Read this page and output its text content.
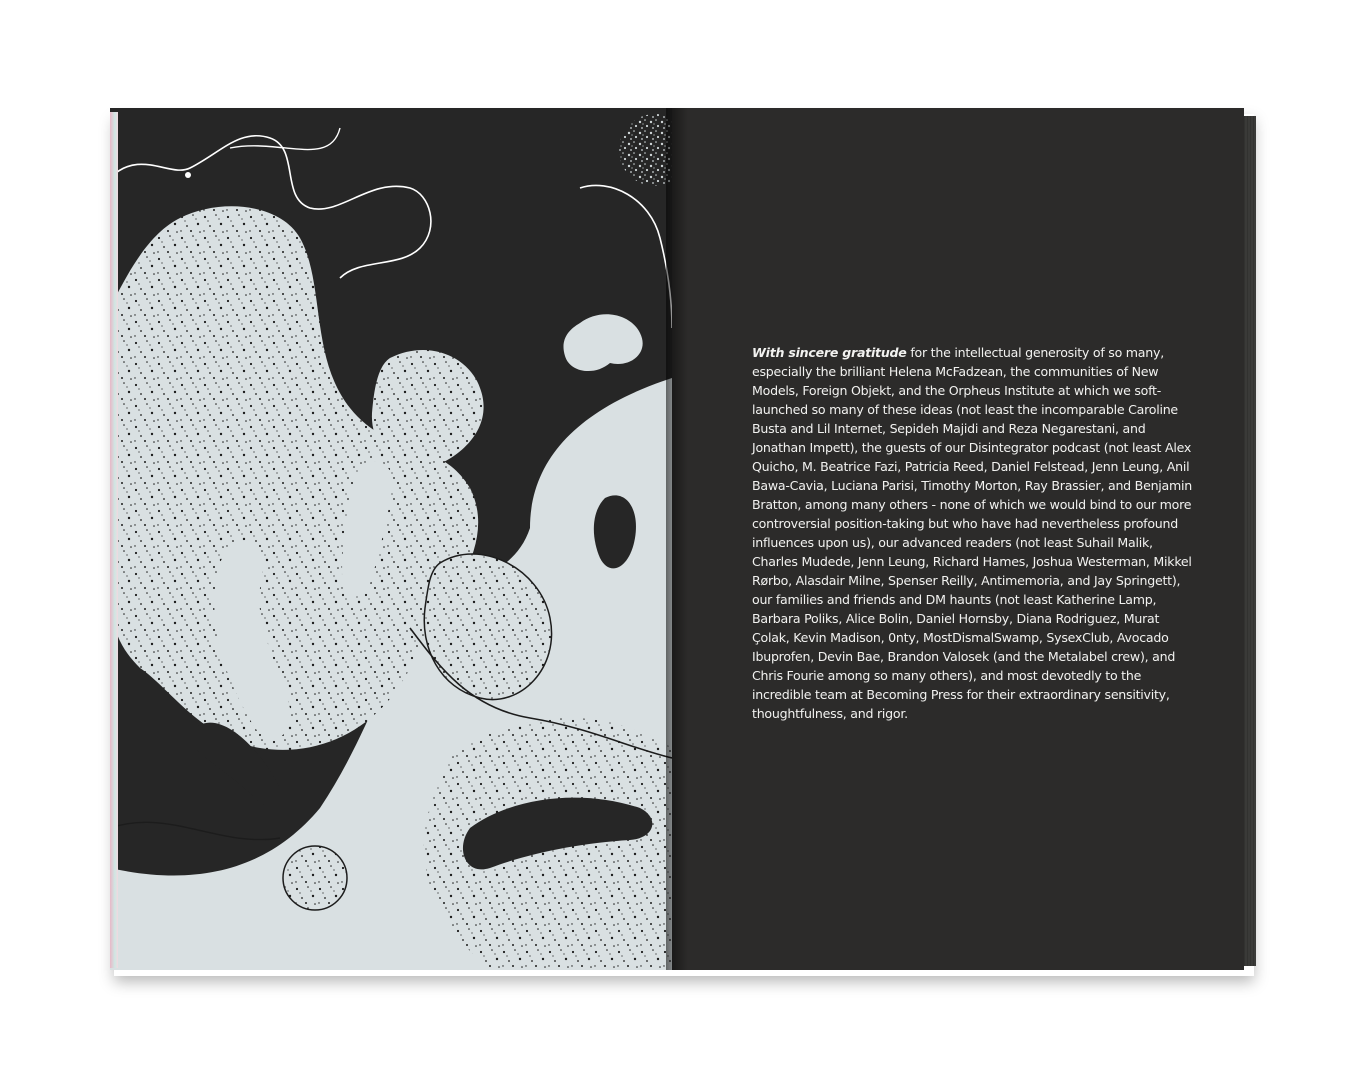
With sincere gratitude for the intellectual generosity of so many, especially the brilliant Helena McFadzean, the communities of New Models, Foreign Objekt, and the Orpheus Institute at which we soft-launched so many of these ideas (not least the incomparable Caroline Busta and Lil Internet, Sepideh Majidi and Reza Negarestani, and Jonathan Impett), the guests of our Disintegrator podcast (not least Alex Quicho, M. Beatrice Fazi, Patricia Reed, Daniel Felstead, Jenn Leung, Anil Bawa-Cavia, Luciana Parisi, Timothy Morton, Ray Brassier, and Benjamin Bratton, among many others - none of which we would bind to our more controversial position-taking but who have had nevertheless profound influences upon us), our advanced readers (not least Suhail Malik, Charles Mudede, Jenn Leung, Richard Hames, Joshua Westerman, Mikkel Rørbo, Alasdair Milne, Spenser Reilly, Antimemoria, and Jay Springett), our families and friends and DM haunts (not least Katherine Lamp, Barbara Poliks, Alice Bolin, Daniel Hornsby, Diana Rodriguez, Murat Çolak, Kevin Madison, 0nty, MostDismalSwamp, SysexClub, Avocado Ibuprofen, Devin Bae, Brandon Valosek (and the Metalabel crew), and Chris Fourie among so many others), and most devotedly to the incredible team at Becoming Press for their extraordinary sensitivity, thoughtfulness, and rigor.
